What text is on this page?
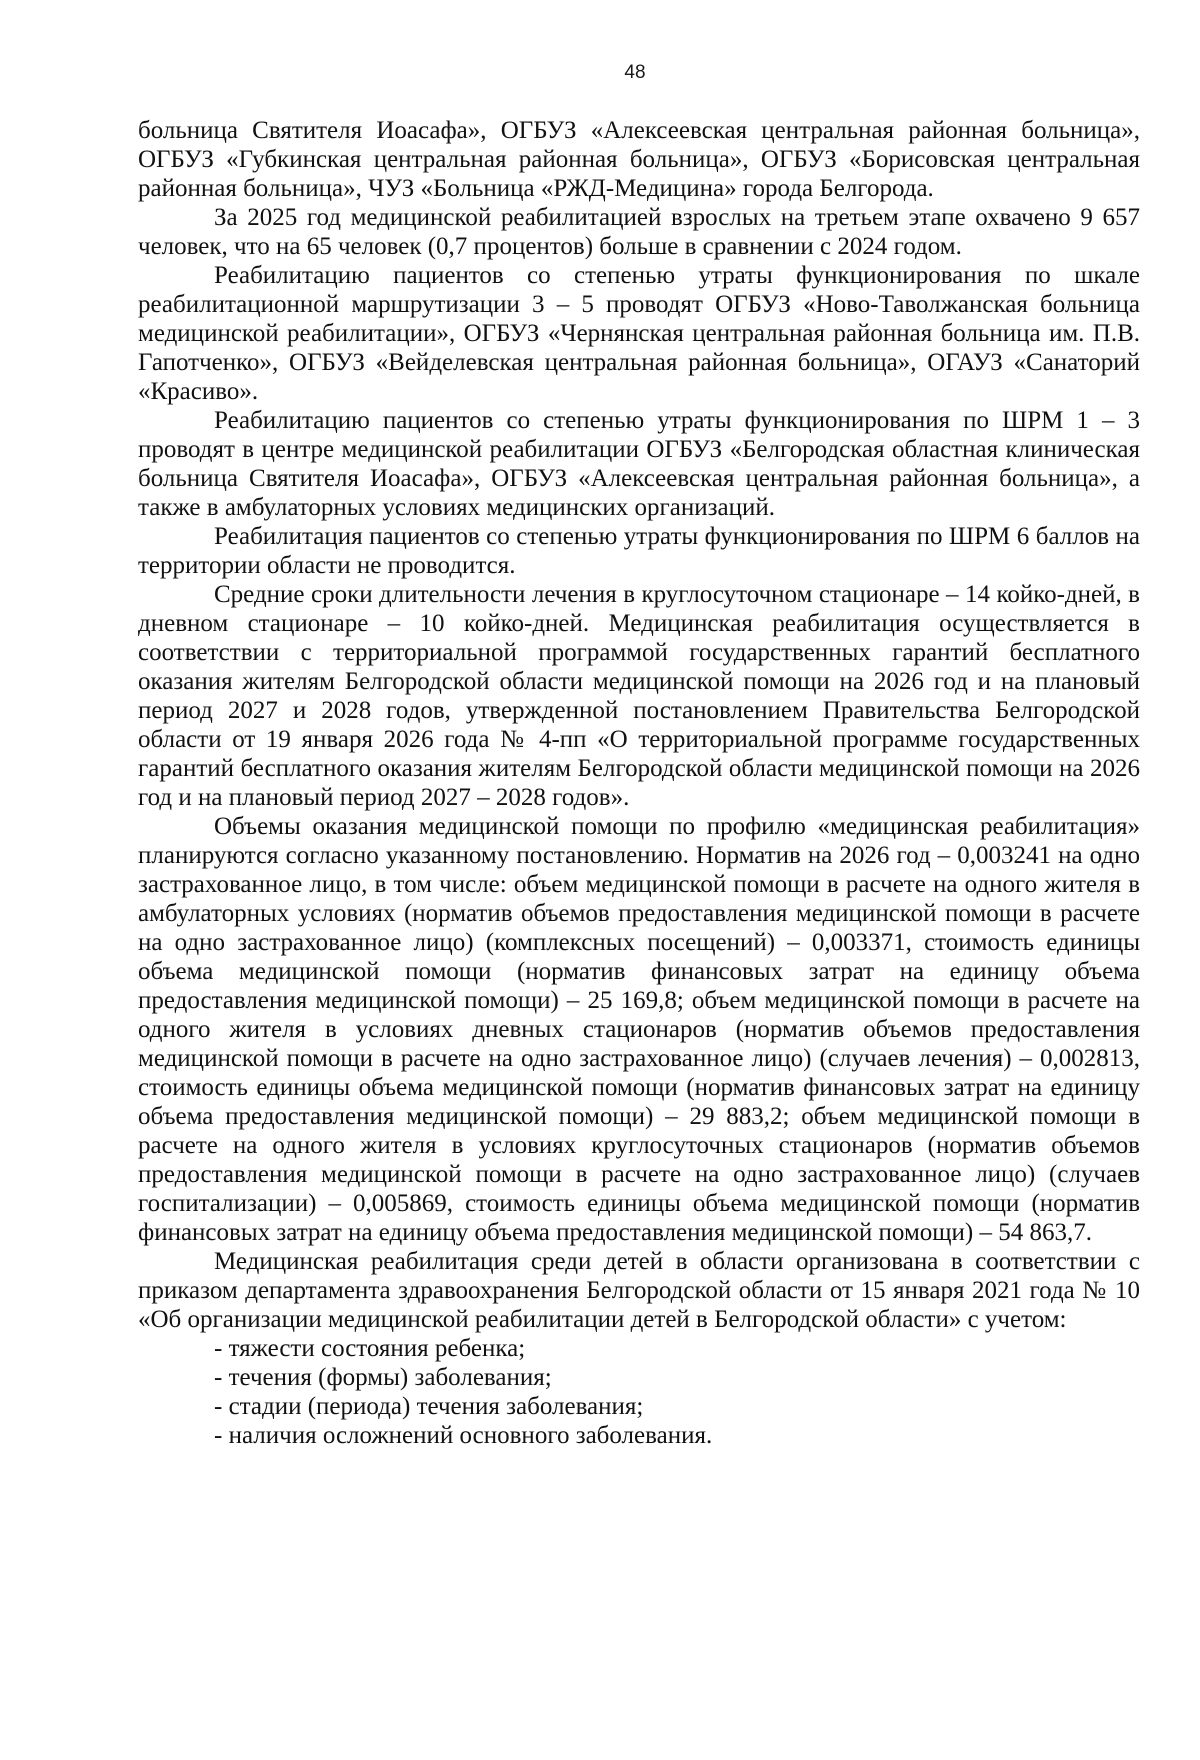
48

больница Святителя Иоасафа», ОГБУЗ «Алексеевская центральная районная больница», ОГБУЗ «Губкинская центральная районная больница», ОГБУЗ «Борисовская центральная районная больница», ЧУЗ «Больница «РЖД-Медицина» города Белгорода.

За 2025 год медицинской реабилитацией взрослых на третьем этапе охвачено 9 657 человек, что на 65 человек (0,7 процентов) больше в сравнении с 2024 годом.

Реабилитацию пациентов со степенью утраты функционирования по шкале реабилитационной маршрутизации 3 – 5 проводят ОГБУЗ «Ново-Таволжанская больница медицинской реабилитации», ОГБУЗ «Чернянская центральная районная больница им. П.В. Гапотченко», ОГБУЗ «Вейделевская центральная районная больница», ОГАУЗ «Санаторий «Красиво».

Реабилитацию пациентов со степенью утраты функционирования по ШРМ 1 – 3 проводят в центре медицинской реабилитации ОГБУЗ «Белгородская областная клиническая больница Святителя Иоасафа», ОГБУЗ «Алексеевская центральная районная больница», а также в амбулаторных условиях медицинских организаций.

Реабилитация пациентов со степенью утраты функционирования по ШРМ 6 баллов на территории области не проводится.

Средние сроки длительности лечения в круглосуточном стационаре – 14 койко-дней, в дневном стационаре – 10 койко-дней. Медицинская реабилитация осуществляется в соответствии с территориальной программой государственных гарантий бесплатного оказания жителям Белгородской области медицинской помощи на 2026 год и на плановый период 2027 и 2028 годов, утвержденной постановлением Правительства Белгородской области от 19 января 2026 года № 4-пп «О территориальной программе государственных гарантий бесплатного оказания жителям Белгородской области медицинской помощи на 2026 год и на плановый период 2027 – 2028 годов».

Объемы оказания медицинской помощи по профилю «медицинская реабилитация» планируются согласно указанному постановлению. Норматив на 2026 год – 0,003241 на одно застрахованное лицо, в том числе: объем медицинской помощи в расчете на одного жителя в амбулаторных условиях (норматив объемов предоставления медицинской помощи в расчете на одно застрахованное лицо) (комплексных посещений) – 0,003371, стоимость единицы объема медицинской помощи (норматив финансовых затрат на единицу объема предоставления медицинской помощи) – 25 169,8; объем медицинской помощи в расчете на одного жителя в условиях дневных стационаров (норматив объемов предоставления медицинской помощи в расчете на одно застрахованное лицо) (случаев лечения) – 0,002813, стоимость единицы объема медицинской помощи (норматив финансовых затрат на единицу объема предоставления медицинской помощи) – 29 883,2; объем медицинской помощи в расчете на одного жителя в условиях круглосуточных стационаров (норматив объемов предоставления медицинской помощи в расчете на одно застрахованное лицо) (случаев госпитализации) – 0,005869, стоимость единицы объема медицинской помощи (норматив финансовых затрат на единицу объема предоставления медицинской помощи) – 54 863,7.

Медицинская реабилитация среди детей в области организована в соответствии с приказом департамента здравоохранения Белгородской области от 15 января 2021 года № 10 «Об организации медицинской реабилитации детей в Белгородской области» с учетом:

- тяжести состояния ребенка;
- течения (формы) заболевания;
- стадии (периода) течения заболевания;
- наличия осложнений основного заболевания.
